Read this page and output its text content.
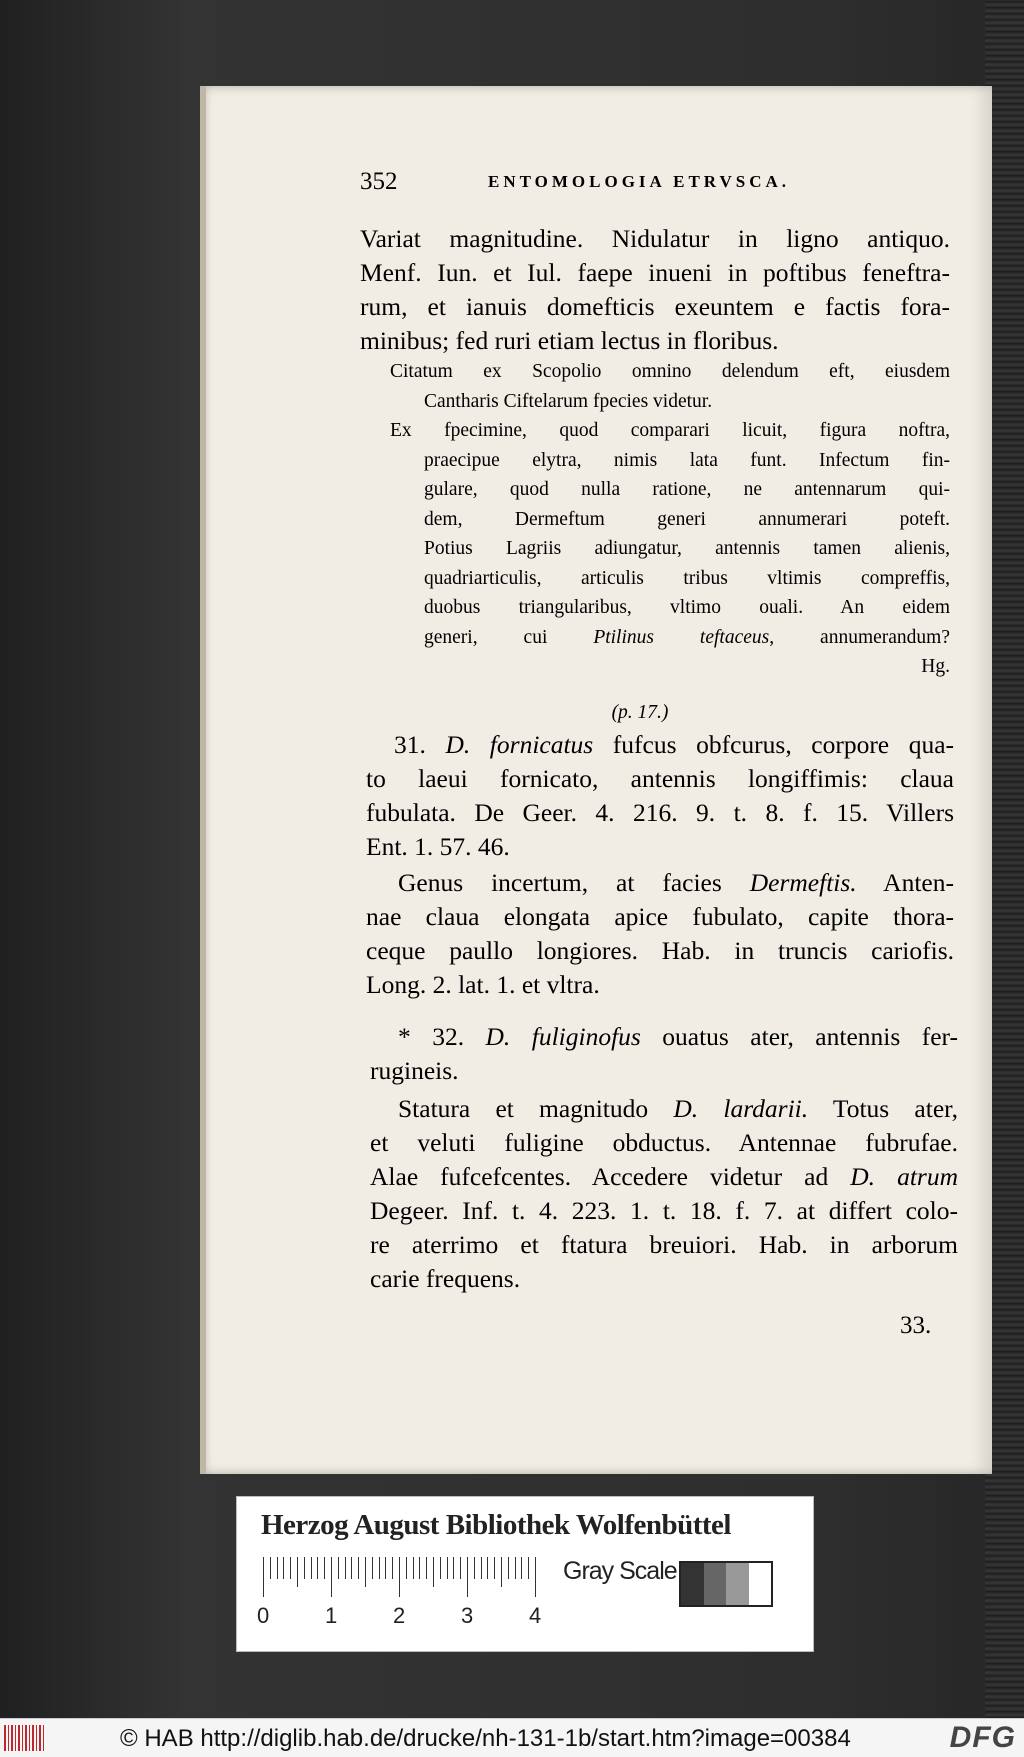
352	ENTOMOLOGIA ETRVSCA.
Variat magnitudine. Nidulatur in ligno antiquo.
Menf. Iun. et Iul. faepe inueni in poftibus feneftra-
rum, et ianuis domefticis exeuntem e factis fora-
minibus; fed ruri etiam lectus in floribus.
Citatum ex Scopolio omnino delendum eft, eiusdem
Cantharis Ciftelarum fpecies videtur.
Ex fpecimine, quod comparari licuit, figura noftra,
praecipue elytra, nimis lata funt. Infectum fin-
gulare, quod nulla ratione, ne antennarum qui-
dem, Dermeftum generi annumerari poteft.
Potius Lagriis adiungatur, antennis tamen alienis,
quadriarticulis, articulis tribus vltimis compreffis,
duobus triangularibus, vltimo ouali. An eidem
generi, cui Ptilinus teftaceus, annumerandum?
Hg.
(p. 17.)
31. D. fornicatus fufcus obfcurus, corpore qua-
to laeui fornicato, antennis longiffimis: claua
fubulata. De Geer. 4. 216. 9. t. 8. f. 15. Villers
Ent. 1. 57. 46.
Genus incertum, at facies Dermeftis. Anten-
nae claua elongata apice fubulato, capite thora-
ceque paullo longiores. Hab. in truncis cariofis.
Long. 2. lat. 1. et vltra.
* 32. D. fuliginofus ouatus ater, antennis fer-
rugineis.
Statura et magnitudo D. lardarii. Totus ater,
et veluti fuligine obductus. Antennae fubrufae.
Alae fufcefcentes. Accedere videtur ad D. atrum
Degeer. Inf. t. 4. 223. 1. t. 18. f. 7. at differt colo-
re aterrimo et ftatura breuiori. Hab. in arborum
carie frequens.
33.
Herzog August Bibliothek Wolfenbüttel
0	1	2	3	4
Gray Scale
© HAB http://diglib.hab.de/drucke/nh-131-1b/start.htm?image=00384	DFG
